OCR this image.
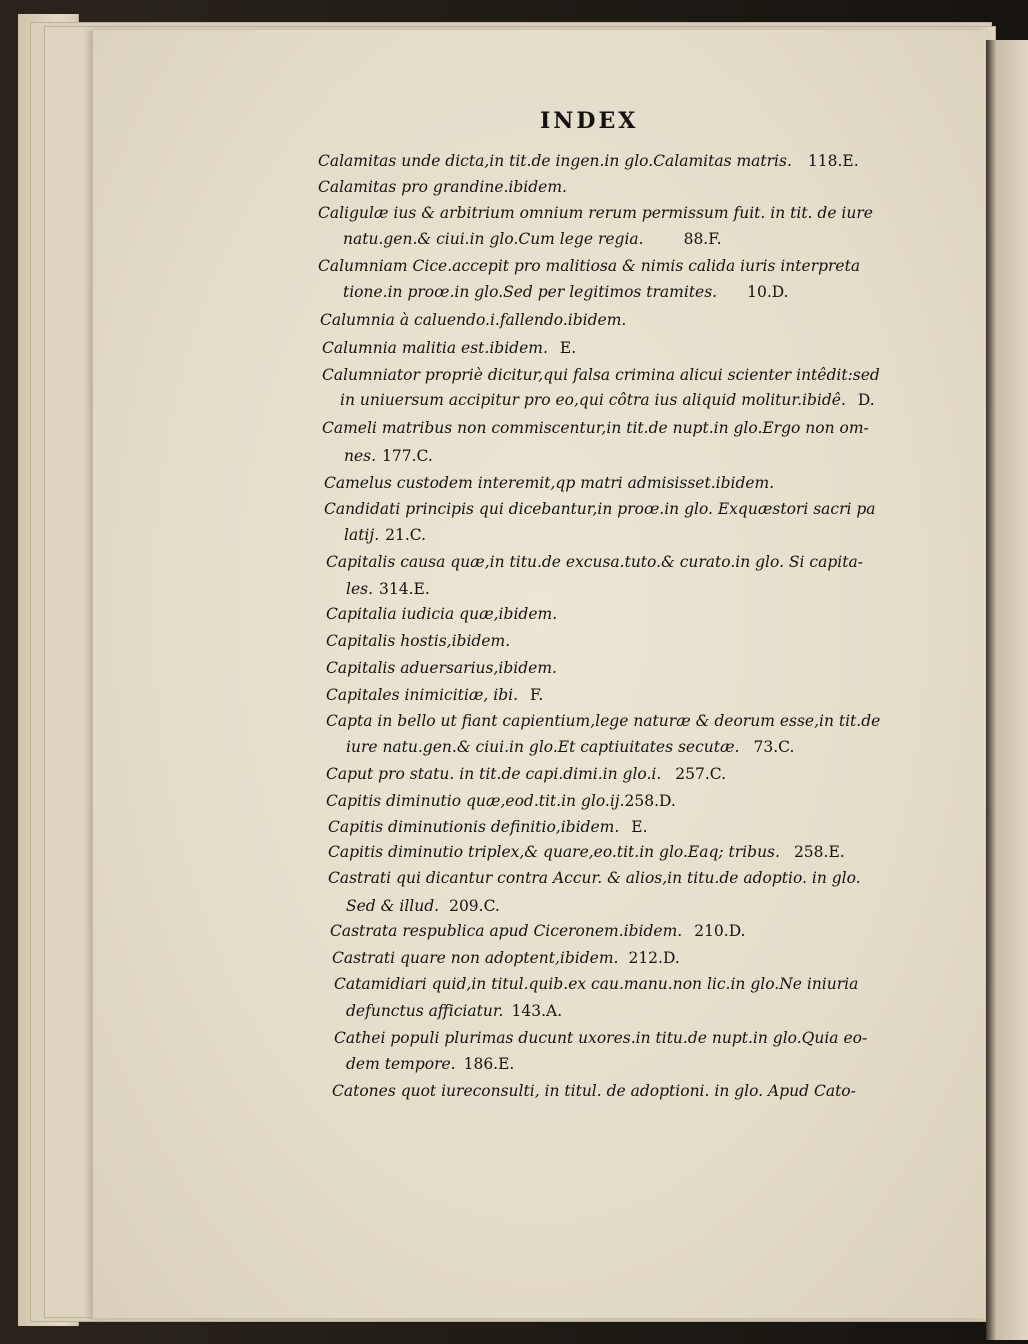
INDEX
Calamitas unde dicta,in tit.de ingen.in glo.Calamitas matris. 118.E.
Calamitas pro grandine.ibidem.
Caligulæ ius & arbitrium omnium rerum permissum fuit. in tit. de iure
natu.gen.& ciui.in glo.Cum lege regia.	88.F.
Calumniam Cice.accepit pro malitiosa & nimis calida iuris interpreta
tione.in proœ.in glo.Sed per legitimos tramites. 10.D.
Calumnia à caluendo.i.fallendo.ibidem.
Calumnia malitia est.ibidem. E.
Calumniator propriè dicitur,qui falsa crimina alicui scienter intêdit:sed
in uniuersum accipitur pro eo,qui côtra ius aliquid molitur.ibidê. D.
Cameli matribus non commiscentur,in tit.de nupt.in glo.Ergo non om-
nes. 177.C.
Camelus custodem interemit,qp matri admisisset.ibidem.
Candidati principis qui dicebantur,in proœ.in glo. Exquæstori sacri pa
latij. 21.C.
Capitalis causa quæ,in titu.de excusa.tuto.& curato.in glo. Si capita-
les. 314.E.
Capitalia iudicia quæ,ibidem.
Capitalis hostis,ibidem.
Capitalis aduersarius,ibidem.
Capitales inimicitiæ, ibi. F.
Capta in bello ut fiant capientium,lege naturæ & deorum esse,in tit.de
iure natu.gen.& ciui.in glo.Et captiuitates secutæ. 73.C.
Caput pro statu. in tit.de capi.dimi.in glo.i. 257.C.
Capitis diminutio quæ,eod.tit.in glo.ij.258.D.
Capitis diminutionis definitio,ibidem. E.
Capitis diminutio triplex,& quare,eo.tit.in glo.Eaq; tribus. 258.E.
Castrati qui dicantur contra Accur. & alios,in titu.de adoptio. in glo.
Sed & illud. 209.C.
Castrata respublica apud Ciceronem.ibidem. 210.D.
Castrati quare non adoptent,ibidem. 212.D.
Catamidiari quid,in titul.quib.ex cau.manu.non lic.in glo.Ne iniuria
defunctus afficiatur. 143.A.
Cathei populi plurimas ducunt uxores.in titu.de nupt.in glo.Quia eo-
dem tempore. 186.E.
Catones quot iureconsulti, in titul. de adoptioni. in glo. Apud Cato-
